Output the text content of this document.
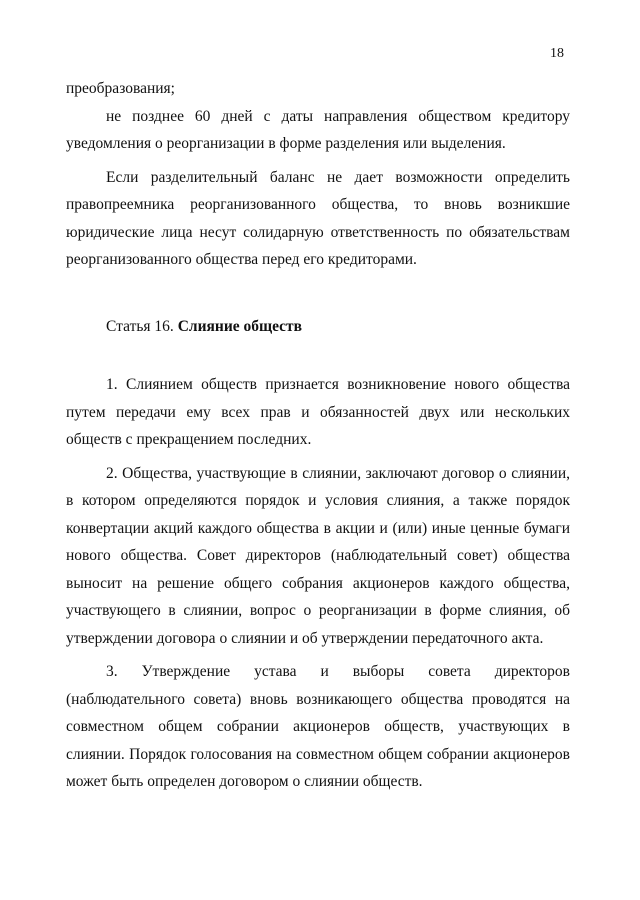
18

преобразования;

не позднее 60 дней с даты направления обществом кредитору уведомления о реорганизации в форме разделения или выделения.

Если разделительный баланс не дает возможности определить правопреемника реорганизованного общества, то вновь возникшие юридические лица несут солидарную ответственность по обязательствам реорганизованного общества перед его кредиторами.

Статья 16. Слияние обществ

1. Слиянием обществ признается возникновение нового общества путем передачи ему всех прав и обязанностей двух или нескольких обществ с прекращением последних.

2. Общества, участвующие в слиянии, заключают договор о слиянии, в котором определяются порядок и условия слияния, а также порядок конвертации акций каждого общества в акции и (или) иные ценные бумаги нового общества. Совет директоров (наблюдательный совет) общества выносит на решение общего собрания акционеров каждого общества, участвующего в слиянии, вопрос о реорганизации в форме слияния, об утверждении договора о слиянии и об утверждении передаточного акта.

3. Утверждение устава и выборы совета директоров (наблюдательного совета) вновь возникающего общества проводятся на совместном общем собрании акционеров обществ, участвующих в слиянии. Порядок голосования на совместном общем собрании акционеров может быть определен договором о слиянии обществ.
